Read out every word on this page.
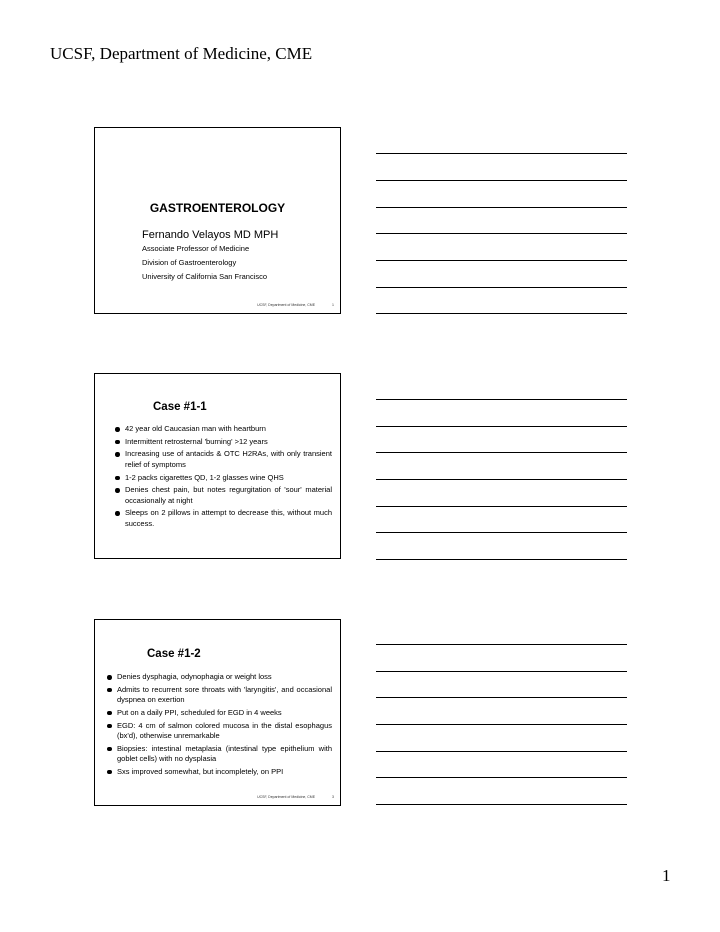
UCSF, Department of Medicine, CME
GASTROENTEROLOGY
Fernando Velayos MD MPH
Associate Professor of Medicine
Division of Gastroenterology
University of California San Francisco
UCSF, Department of Medicine, CME	1
Case #1-1
42 year old Caucasian man with heartburn
Intermittent retrosternal 'burning' >12 years
Increasing use of antacids & OTC H2RAs, with only transient relief of symptoms
1-2 packs cigarettes QD, 1-2 glasses wine QHS
Denies chest pain, but notes regurgitation of 'sour' material occasionally at night
Sleeps on 2 pillows in attempt to decrease this, without much success.
Case #1-2
Denies dysphagia, odynophagia or weight loss
Admits to recurrent sore throats with 'laryngitis', and occasional dyspnea on exertion
Put on a daily PPI, scheduled for EGD in 4 weeks
EGD: 4 cm of salmon colored mucosa in the distal esophagus (bx'd), otherwise unremarkable
Biopsies: intestinal metaplasia (intestinal type epithelium with goblet cells) with no dysplasia
Sxs improved somewhat, but incompletely, on PPI
UCSF, Department of Medicine, CME	3
1
